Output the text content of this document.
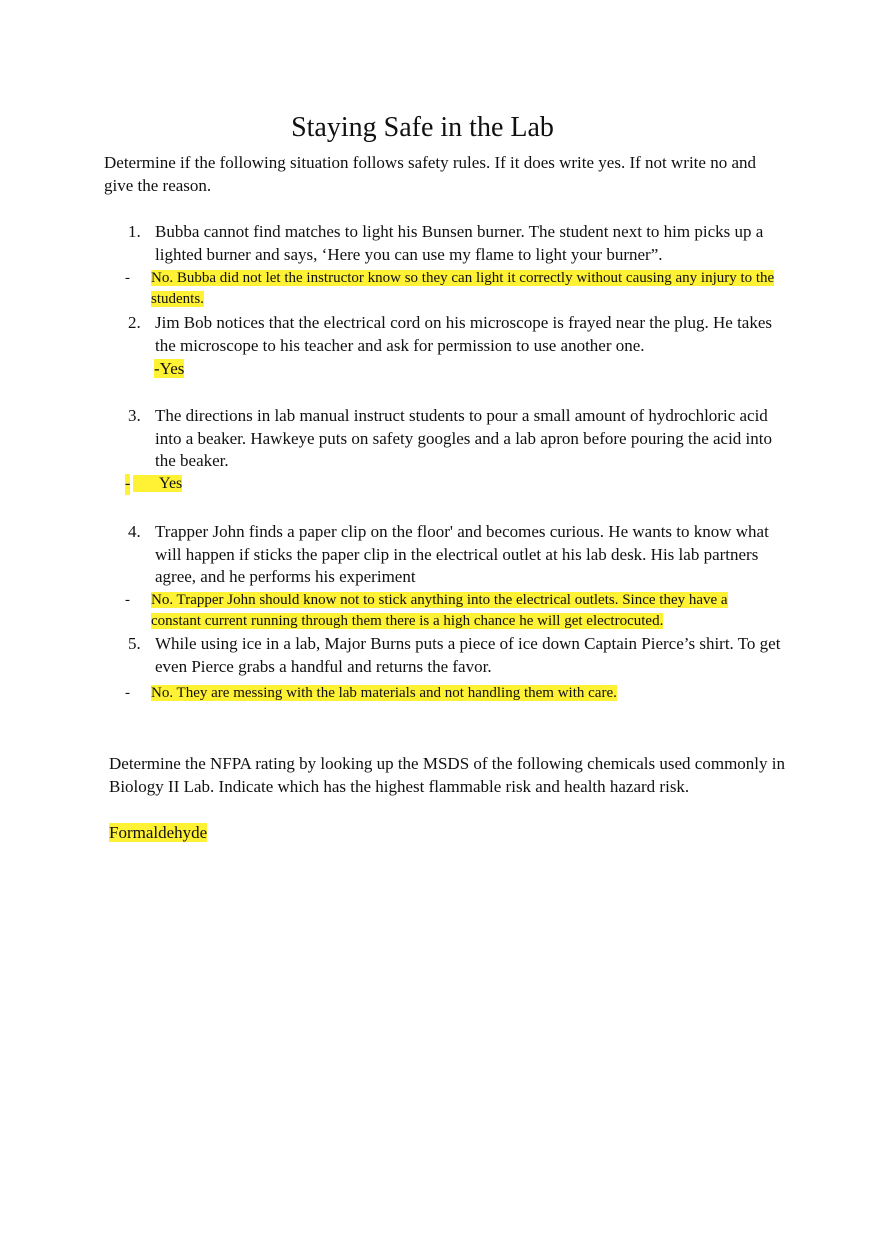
Staying Safe in the Lab
Determine if the following situation follows safety rules. If it does write yes. If not write no and give the reason.
1. Bubba cannot find matches to light his Bunsen burner. The student next to him picks up a lighted burner and says, ‘Here you can use my flame to light your burner”.
- No. Bubba did not let the instructor know so they can light it correctly without causing any injury to the students.
2. Jim Bob notices that the electrical cord on his microscope is frayed near the plug. He takes the microscope to his teacher and ask for permission to use another one.
-Yes
3. The directions in lab manual instruct students to pour a small amount of hydrochloric acid into a beaker. Hawkeye puts on safety googles and a lab apron before pouring the acid into the beaker.
-	Yes
4. Trapper John finds a paper clip on the floor' and becomes curious. He wants to know what will happen if sticks the paper clip in the electrical outlet at his lab desk. His lab partners agree, and he performs his experiment
- No. Trapper John should know not to stick anything into the electrical outlets. Since they have a constant current running through them there is a high chance he will get electrocuted.
5. While using ice in a lab, Major Burns puts a piece of ice down Captain Pierce’s shirt. To get even Pierce grabs a handful and returns the favor.
- No. They are messing with the lab materials and not handling them with care.
Determine the NFPA rating by looking up the MSDS of the following chemicals used commonly in Biology II Lab. Indicate which has the highest flammable risk and health hazard risk.
Formaldehyde
